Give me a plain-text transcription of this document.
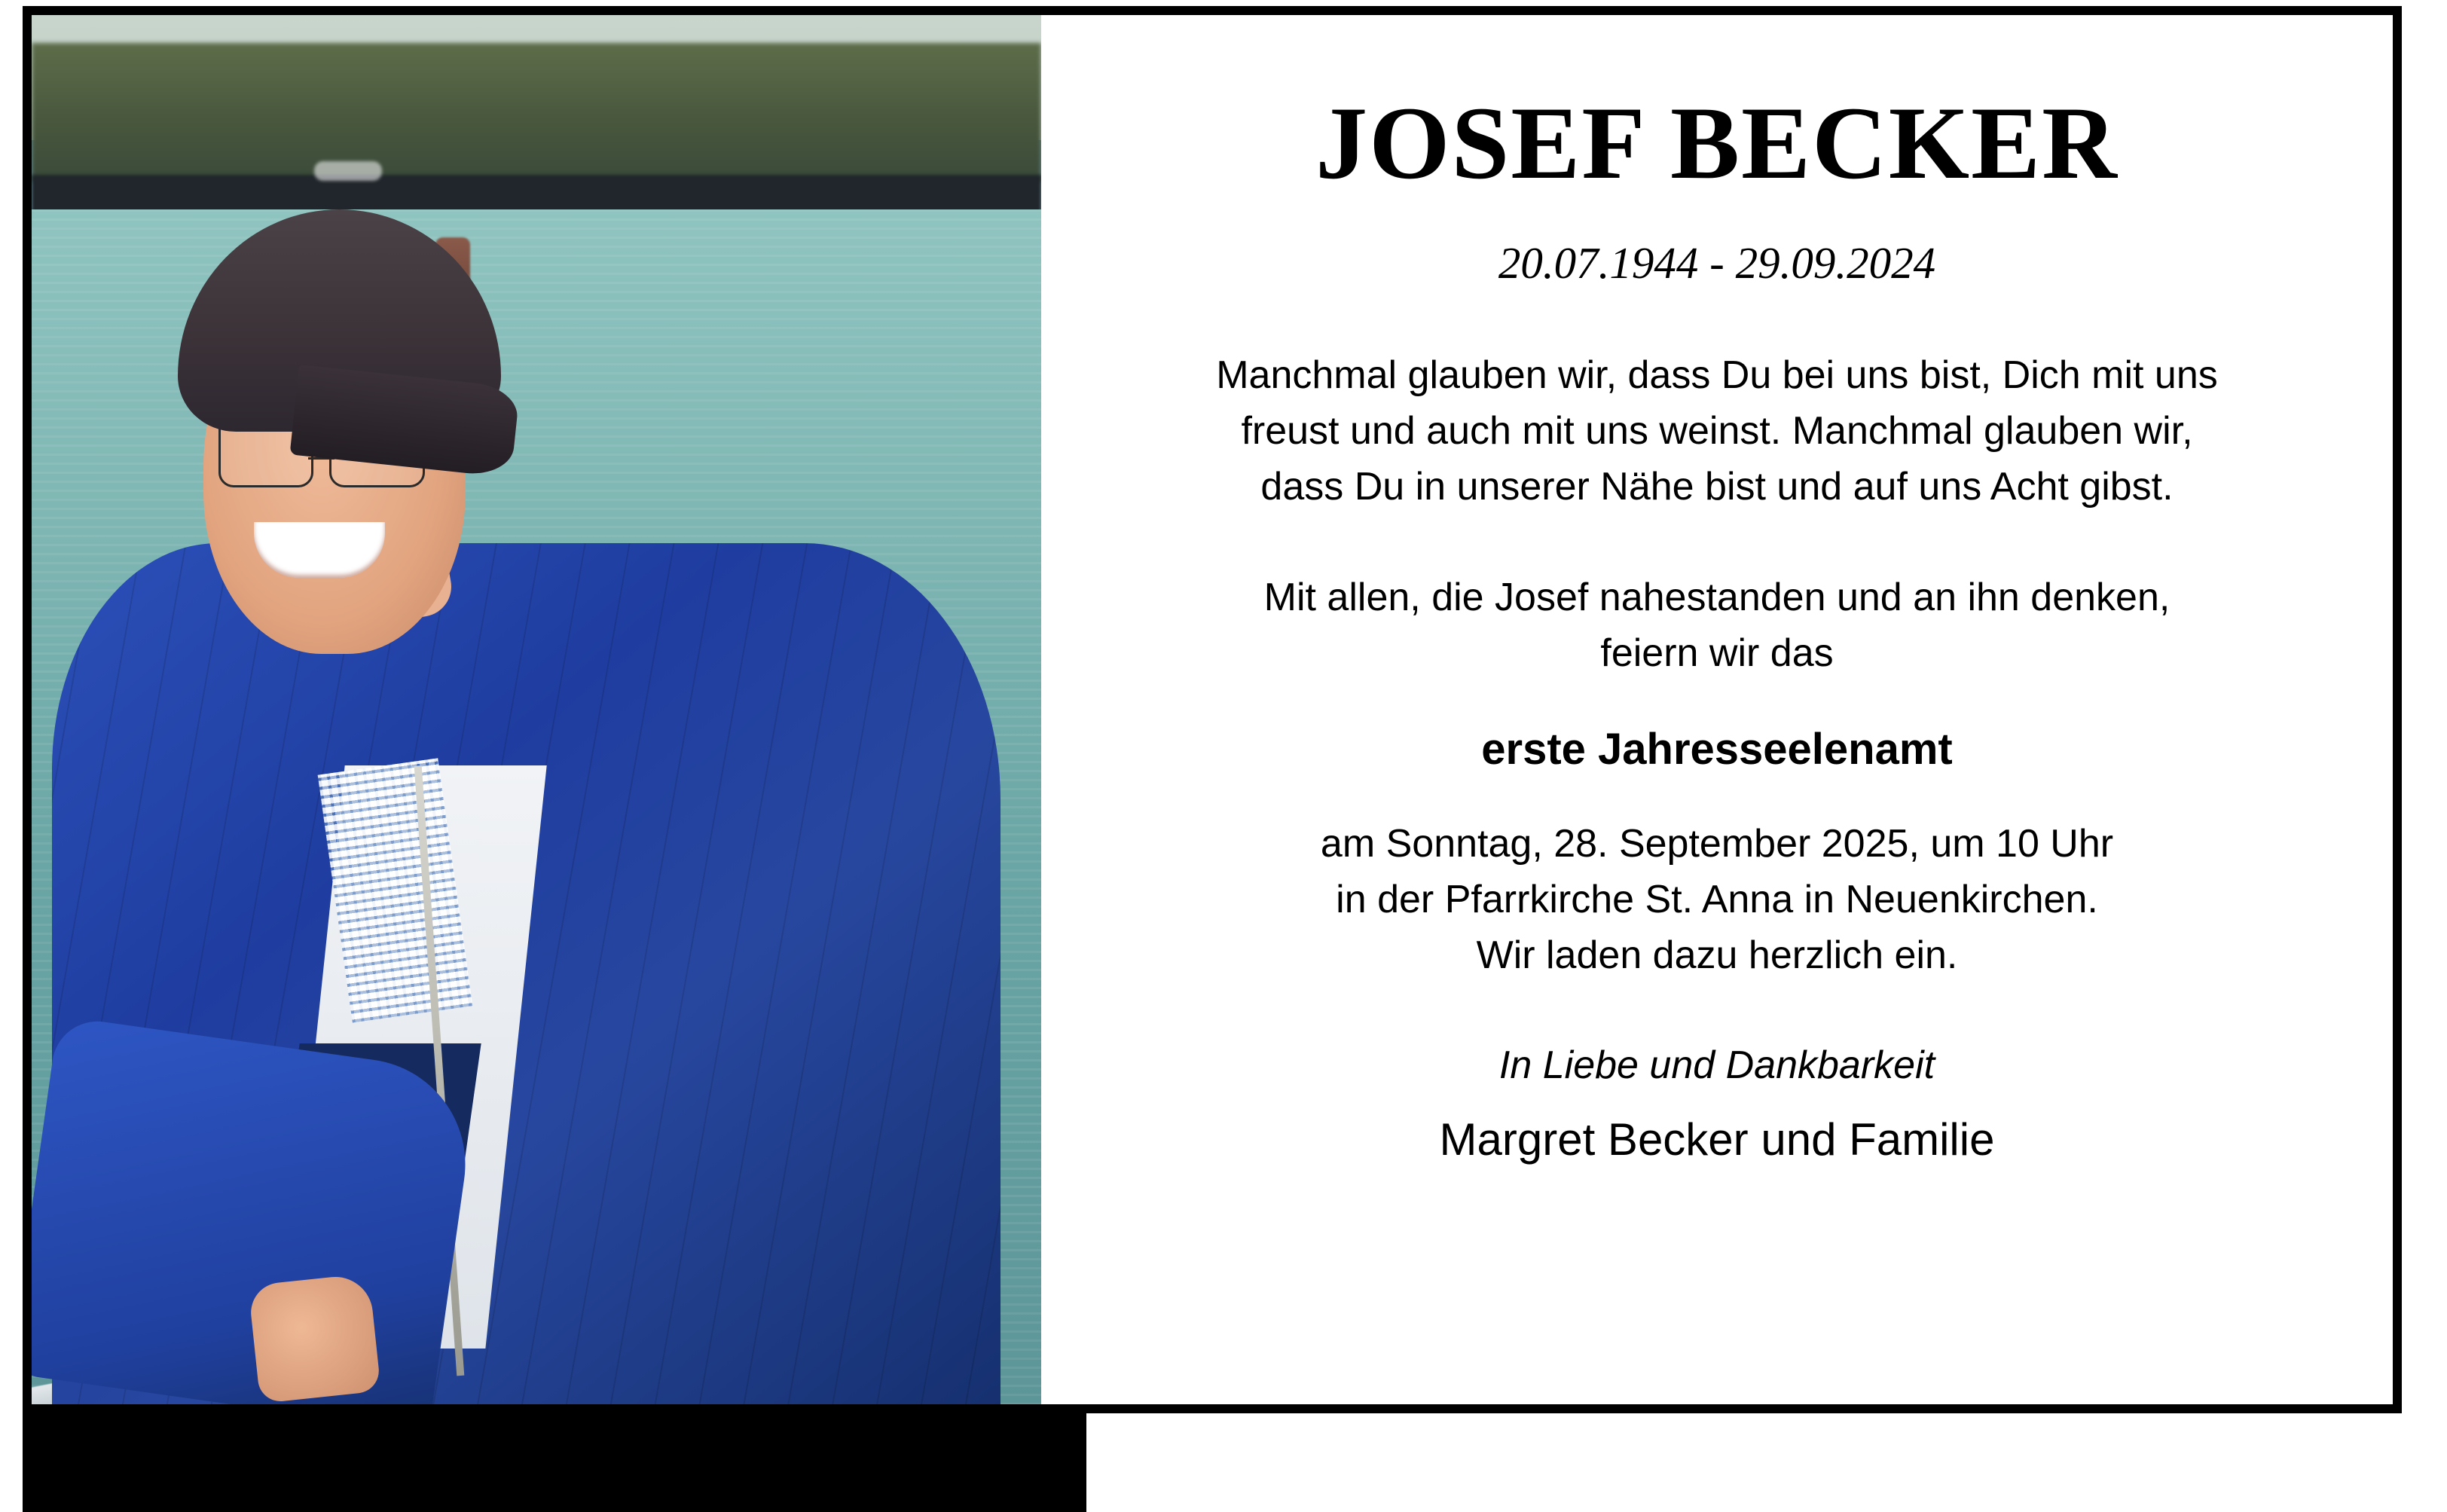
JOSEF BECKER
20.07.1944 - 29.09.2024
Manchmal glauben wir, dass Du bei uns bist, Dich mit uns
freust und auch mit uns weinst. Manchmal glauben wir,
dass Du in unserer Nähe bist und auf uns Acht gibst.
Mit allen, die Josef nahestanden und an ihn denken,
feiern wir das
erste Jahresseelenamt
am Sonntag, 28. September 2025, um 10 Uhr
in der Pfarrkirche St. Anna in Neuenkirchen.
Wir laden dazu herzlich ein.
In Liebe und Dankbarkeit
Margret Becker und Familie
